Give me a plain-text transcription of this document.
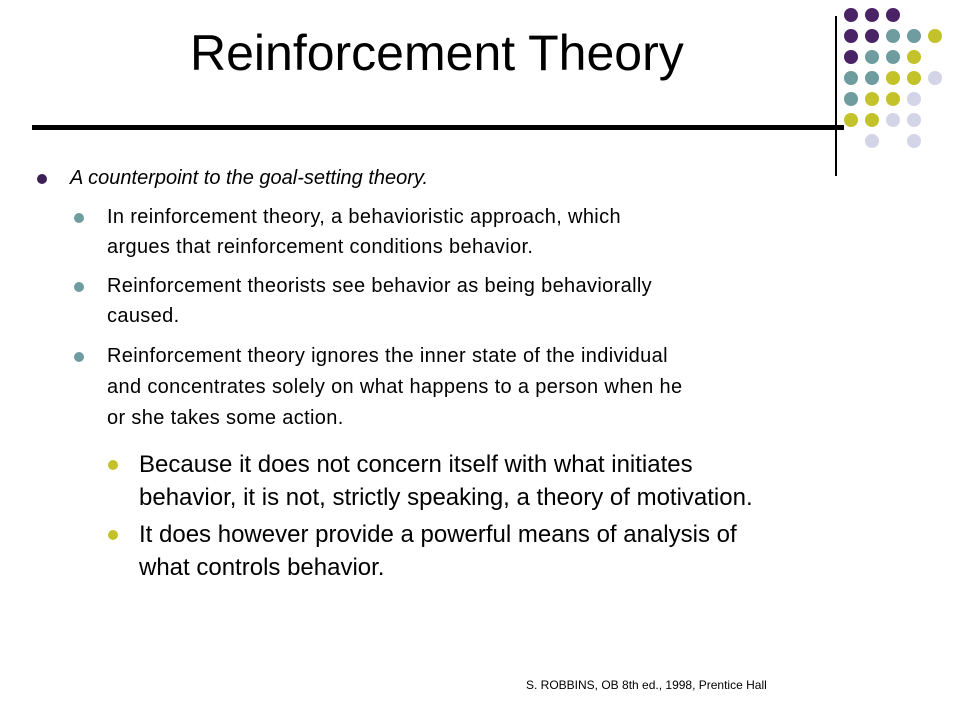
Reinforcement Theory
A counterpoint to the goal-setting theory.
In reinforcement theory, a behavioristic approach, which
argues that reinforcement conditions behavior.
Reinforcement theorists see behavior as being behaviorally
caused.
Reinforcement theory ignores the inner state of the individual
and concentrates solely on what happens to a person when he
or she takes some action.
Because it does not concern itself with what initiates
behavior, it is not, strictly speaking, a theory of motivation.
It does however provide a powerful means of analysis of
what controls behavior.
S. ROBBINS, OB 8th ed., 1998, Prentice Hall
